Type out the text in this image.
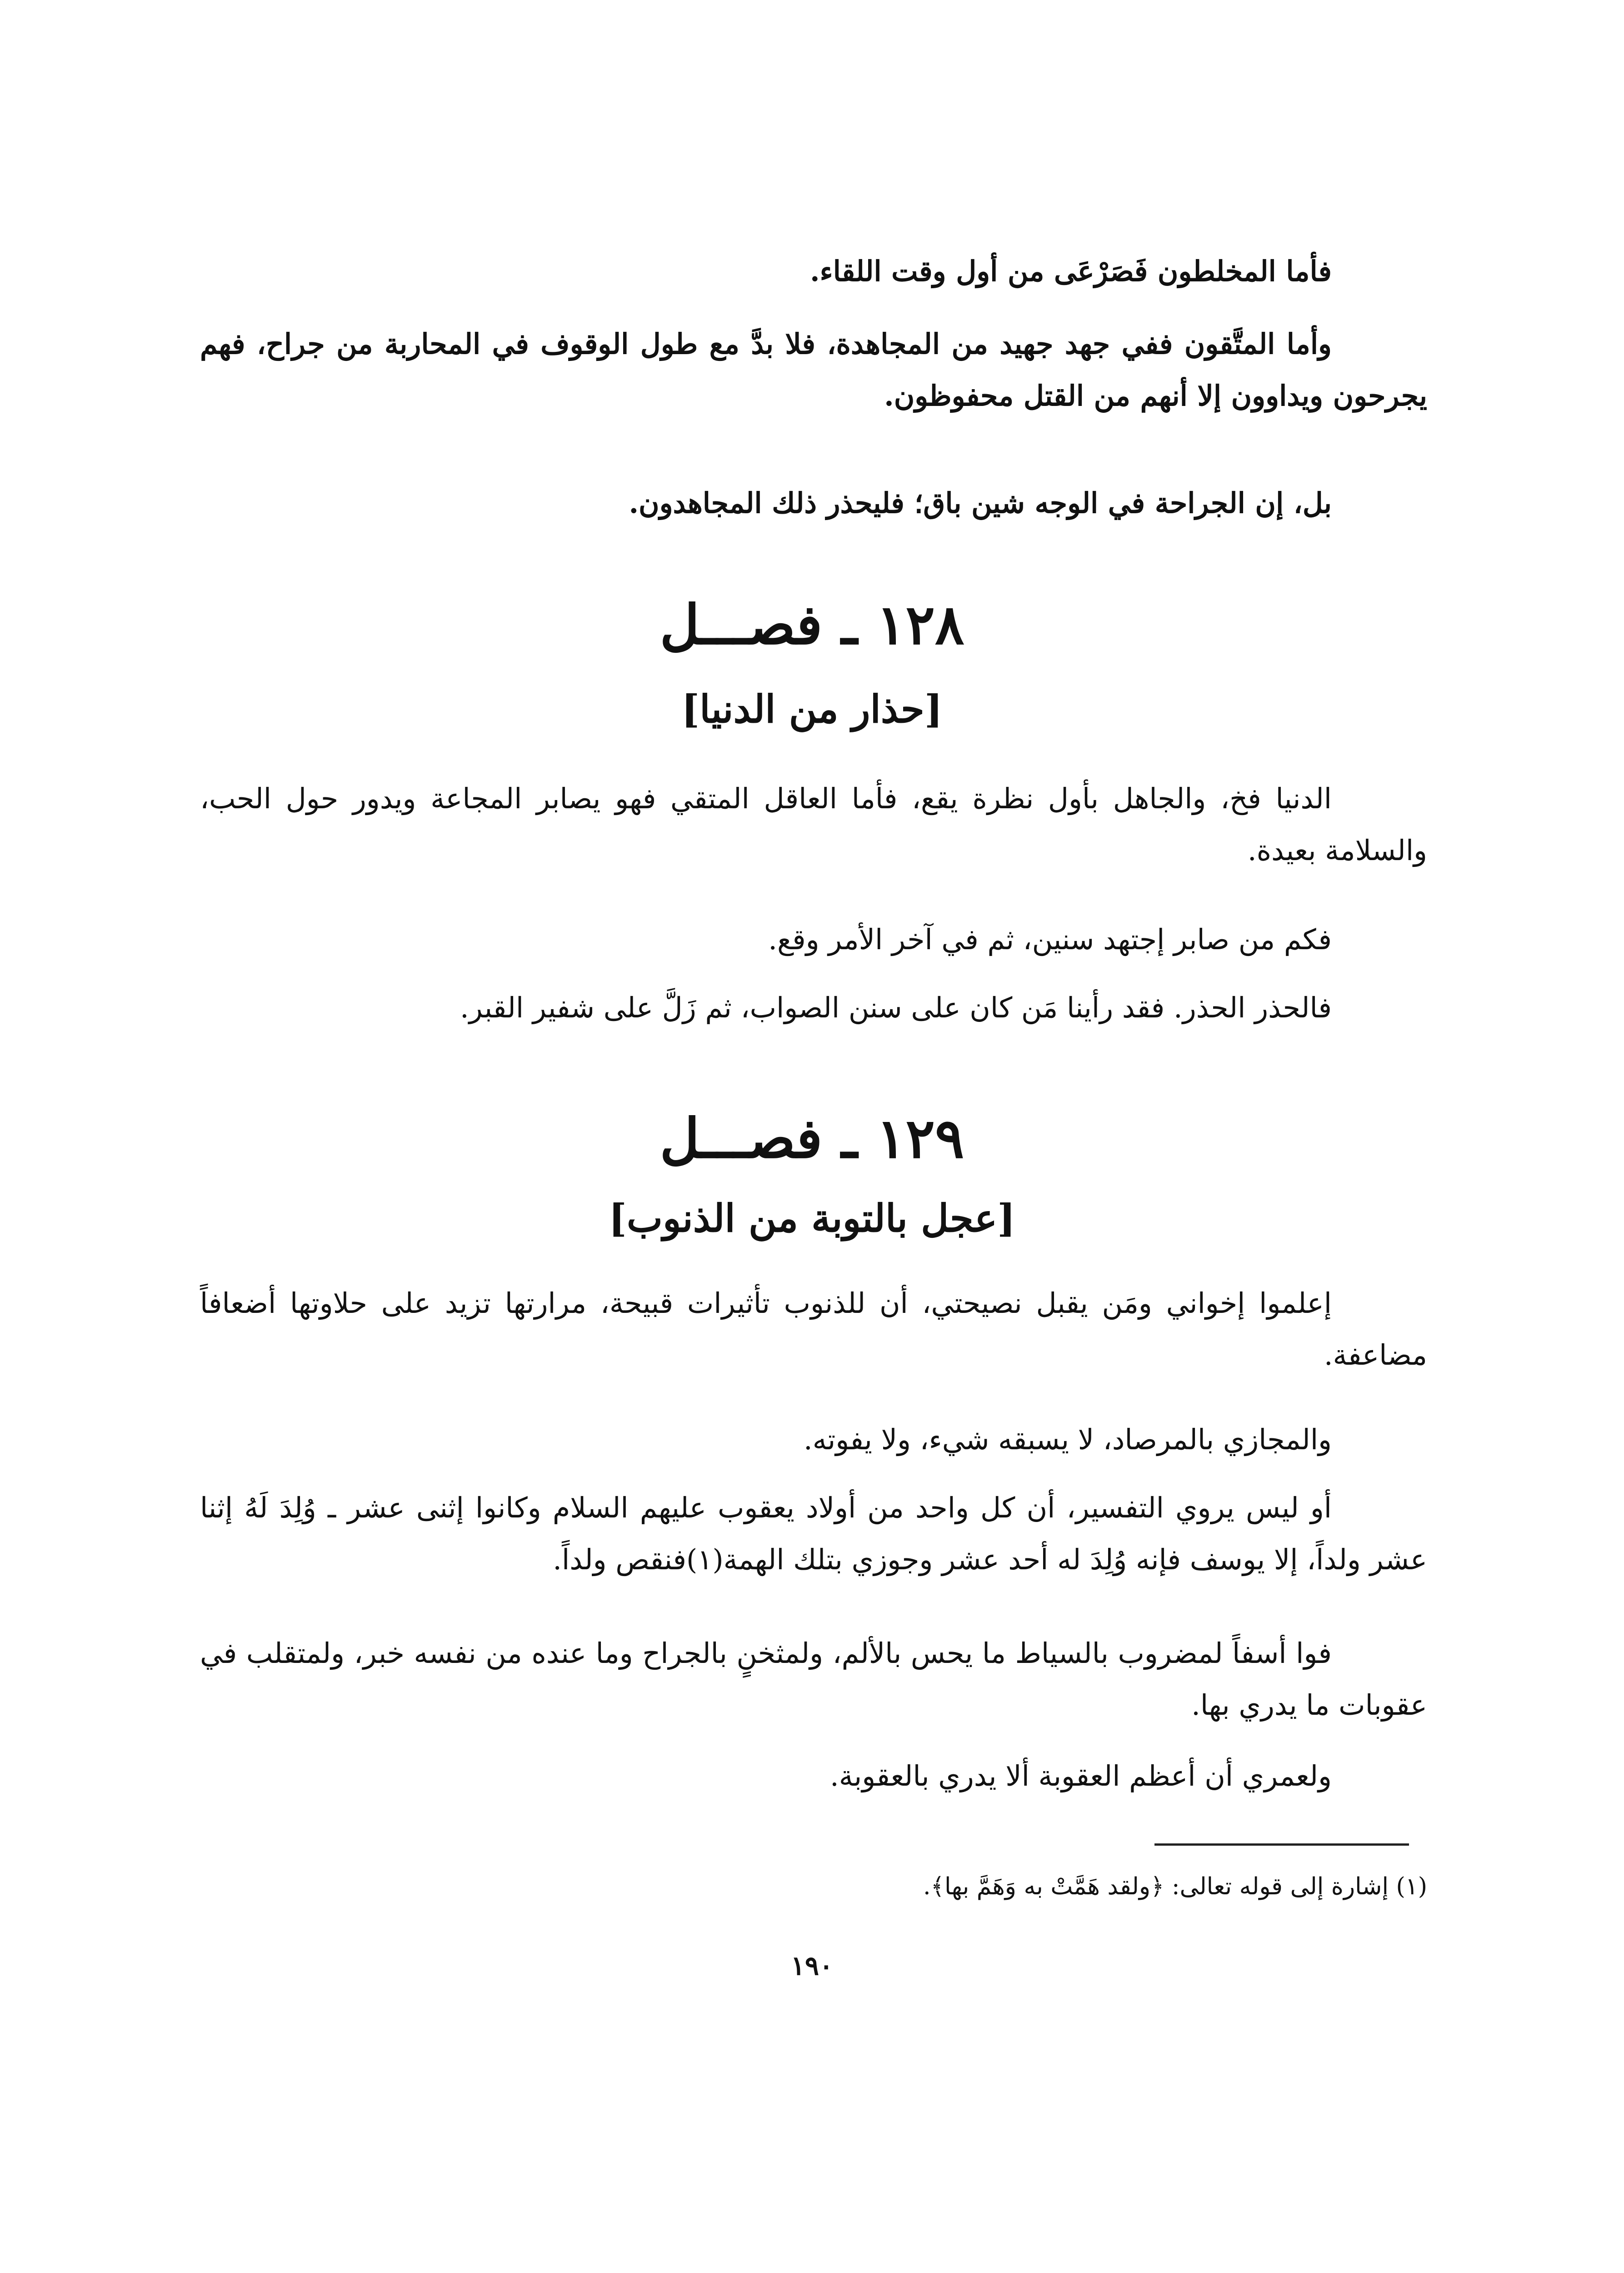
فأما المخلطون فَصَرْعَى من أول وقت اللقاء.

وأما المتَّقون ففي جهد جهيد من المجاهدة، فلا بدَّ مع طول الوقوف في المحاربة من جراح، فهم يجرحون ويداوون إلا أنهم من القتل محفوظون.

بل، إن الجراحة في الوجه شين باق؛ فليحذر ذلك المجاهدون.

١٢٨ ـ فصـــل
[حذار من الدنيا]

الدنيا فخ، والجاهل بأول نظرة يقع، فأما العاقل المتقي فهو يصابر المجاعة ويدور حول الحب، والسلامة بعيدة.

فكم من صابر إجتهد سنين، ثم في آخر الأمر وقع.

فالحذر الحذر. فقد رأينا مَن كان على سنن الصواب، ثم زَلَّ على شفير القبر.

١٢٩ ـ فصـــل
[عجل بالتوبة من الذنوب]

إعلموا إخواني ومَن يقبل نصيحتي، أن للذنوب تأثيرات قبيحة، مرارتها تزيد على حلاوتها أضعافاً مضاعفة.

والمجازي بالمرصاد، لا يسبقه شيء، ولا يفوته.

أو ليس يروي التفسير، أن كل واحد من أولاد يعقوب عليهم السلام وكانوا إثنى عشر ـ وُلِدَ لَهُ إثنا عشر ولداً، إلا يوسف فإنه وُلِدَ له أحد عشر وجوزي بتلك الهمة(١)فنقص ولداً.

فوا أسفاً لمضروب بالسياط ما يحس بالألم، ولمثخنٍ بالجراح وما عنده من نفسه خبر، ولمتقلب في عقوبات ما يدري بها.

ولعمري أن أعظم العقوبة ألا يدري بالعقوبة.

(١) إشارة إلى قوله تعالى: ﴿ولقد هَمَّتْ به وَهَمَّ بها﴾.

١٩٠
